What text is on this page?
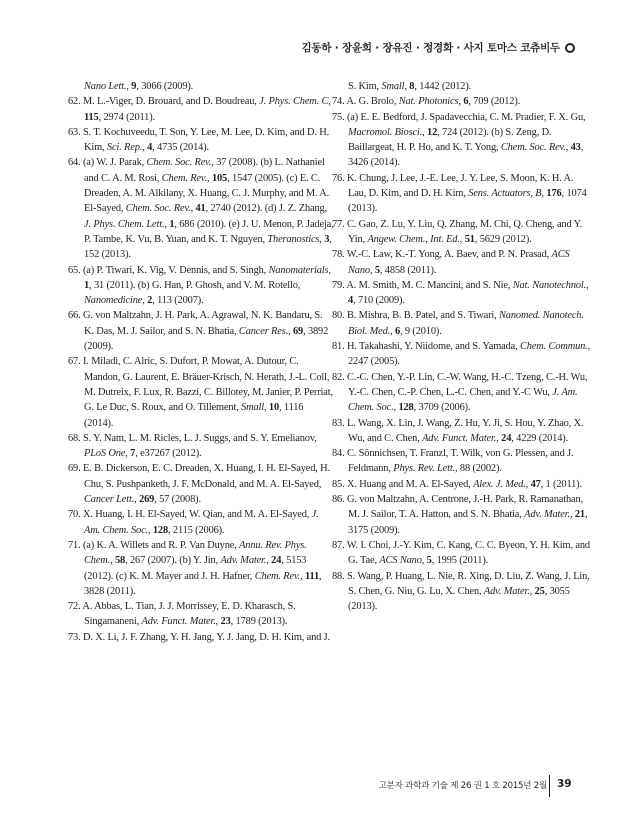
김동하 · 장윤희 · 장유진 · 정경화 · 사지 토마스 코츄비두

Nano Lett., 9, 3066 (2009).

62. M. L.-Viger, D. Brouard, and D. Boudreau, J. Phys. Chem. C, 115, 2974 (2011).

63. S. T. Kochuveedu, T. Son, Y. Lee, M. Lee, D. Kim, and D. H. Kim, Sci. Rep., 4, 4735 (2014).

64. (a) W. J. Parak, Chem. Soc. Rev., 37 (2008). (b) L. Nathaniel and C. A. M. Rosi, Chem. Rev., 105, 1547 (2005). (c) E. C. Dreaden, A. M. Alkilany, X. Huang, C. J. Murphy, and M. A. El-Sayed, Chem. Soc. Rev., 41, 2740 (2012). (d) J. Z. Zhang, J. Phys. Chem. Lett., 1, 686 (2010). (e) J. U. Menon, P. Jadeja, P. Tambe, K. Vu, B. Yuan, and K. T. Nguyen, Theranostics, 3, 152 (2013).

65. (a) P. Tiwari, K. Vig, V. Dennis, and S. Singh, Nanomaterials, 1, 31 (2011). (b) G. Han, P. Ghosh, and V. M. Rotello, Nanomedicine, 2, 113 (2007).

66. G. von Maltzahn, J. H. Park, A. Agrawal, N. K. Bandaru, S. K. Das, M. J. Sailor, and S. N. Bhatia, Cancer Res., 69, 3892 (2009).

67. I. Miladi, C. Alric, S. Dufort, P. Mowat, A. Dutour, C. Mandon, G. Laurent, E. Bräuer-Krisch, N. Herath, J.-L. Coll, M. Dutreix, F. Lux, R. Bazzi, C. Billotey, M. Janier, P. Perriat, G. Le Duc, S. Roux, and O. Tillement, Small, 10, 1116 (2014).

68. S. Y. Nam, L. M. Ricles, L. J. Suggs, and S. Y. Emelianov, PLoS One, 7, e37267 (2012).

69. E. B. Dickerson, E. C. Dreaden, X. Huang, I. H. El-Sayed, H. Chu, S. Pushpanketh, J. F. McDonald, and M. A. El-Sayed, Cancer Lett., 269, 57 (2008).

70. X. Huang, I. H. El-Sayed, W. Qian, and M. A. El-Sayed, J. Am. Chem. Soc., 128, 2115 (2006).

71. (a) K. A. Willets and R. P. Van Duyne, Annu. Rev. Phys. Chem., 58, 267 (2007). (b) Y. Jin, Adv. Mater., 24, 5153 (2012). (c) K. M. Mayer and J. H. Hafner, Chem. Rev., 111, 3828 (2011).

72. A. Abbas, L. Tian, J. J. Morrissey, E. D. Kharasch, S. Singamaneni, Adv. Funct. Mater., 23, 1789 (2013).

73. D. X. Li, J. F. Zhang, Y. H. Jang, Y. J. Jang, D. H. Kim, and J.

S. Kim, Small, 8, 1442 (2012).

74. A. G. Brolo, Nat. Photonics, 6, 709 (2012).

75. (a) E. E. Bedford, J. Spadavecchia, C. M. Pradier, F. X. Gu, Macromol. Biosci., 12, 724 (2012). (b) S. Zeng, D. Baillargeat, H. P. Ho, and K. T. Yong, Chem. Soc. Rev., 43, 3426 (2014).

76. K. Chung, J. Lee, J.-E. Lee, J. Y. Lee, S. Moon, K. H. A. Lau, D. Kim, and D. H. Kim, Sens. Actuators, B, 176, 1074 (2013).

77. C. Gao, Z. Lu, Y. Liu, Q. Zhang, M. Chi, Q. Cheng, and Y. Yin, Angew. Chem., Int. Ed., 51, 5629 (2012).

78. W.-C. Law, K.-T. Yong, A. Baev, and P. N. Prasad, ACS Nano, 5, 4858 (2011).

79. A. M. Smith, M. C. Mancini, and S. Nie, Nat. Nanotechnol., 4, 710 (2009).

80. B. Mishra, B. B. Patel, and S. Tiwari, Nanomed. Nanotech. Biol. Med., 6, 9 (2010).

81. H. Takahashi, Y. Niidome, and S. Yamada, Chem. Commun., 2247 (2005).

82. C.-C. Chen, Y.-P. Lin, C.-W. Wang, H.-C. Tzeng, C.-H. Wu, Y.-C. Chen, C.-P. Chen, L.-C. Chen, and Y.-C Wu, J. Am. Chem. Soc., 128, 3709 (2006).

83. L. Wang, X. Lin, J. Wang, Z. Hu, Y. Ji, S. Hou, Y. Zhao, X. Wu, and C. Chen, Adv. Funct. Mater., 24, 4229 (2014).

84. C. Sönnichsen, T. Franzl, T. Wilk, von G. Plessen, and J. Feldmann, Phys. Rev. Lett., 88 (2002).

85. X. Huang and M. A. El-Sayed, Alex. J. Med., 47, 1 (2011).

86. G. von Maltzahn, A. Centrone, J.-H. Park, R. Ramanathan, M. J. Sailor, T. A. Hatton, and S. N. Bhatia, Adv. Mater., 21, 3175 (2009).

87. W. I. Choi, J.-Y. Kim, C. Kang, C. C. Byeon, Y. H. Kim, and G. Tae, ACS Nano, 5, 1995 (2011).

88. S. Wang, P. Huang, L. Nie, R. Xing, D. Liu, Z. Wang, J. Lin, S. Chen, G. Niu, G. Lu, X. Chen, Adv. Mater., 25, 3055 (2013).

고분자 과학과 기술 제 26 권 1 호 2015년 2월 39
